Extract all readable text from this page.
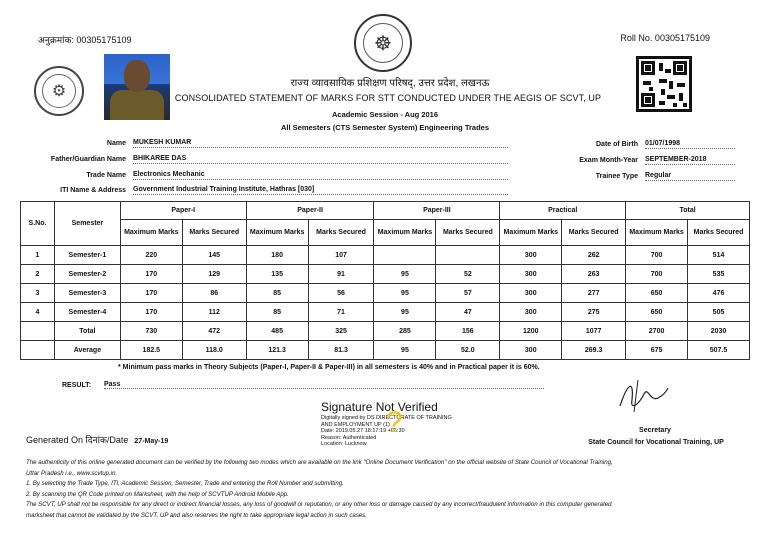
अनुक्रमांक: 00305175109	Roll No. 00305175109
☸
⚙	राज्य व्यावसायिक प्रशिक्षण परिषद्, उत्तर प्रदेश, लखनऊ
CONSOLIDATED STATEMENT OF MARKS FOR STT CONDUCTED UNDER THE AEGIS OF SCVT, UP
Academic Session - Aug 2016
All Semesters (CTS Semester System) Engineering Trades
Name MUKESH KUMAR
Father/Guardian Name BHIKAREE DAS
Trade Name Electronics Mechanic
ITI Name & Address Government Industrial Training Institute, Hathras [030]
Date of Birth 01/07/1998
Exam Month-Year SEPTEMBER-2018
Trainee Type Regular
S.No.	Semester	Paper-I		Paper-II		Paper-III		Practical		Total	
		Maximum Marks	Marks Secured	Maximum Marks	Marks Secured	Maximum Marks	Marks Secured	Maximum Marks	Marks Secured	Maximum Marks	Marks Secured
1	Semester-1	220	145	180	107			300	262	700	514
2	Semester-2	170	129	135	91	95	52	300	263	700	535
3	Semester-3	170	86	85	56	95	57	300	277	650	476
4	Semester-4	170	112	85	71	95	47	300	275	650	505
	Total	730	472	485	325	285	156	1200	1077	2700	2030
	Average	182.5	118.0	121.3	81.3	95	52.0	300	269.3	675	507.5
* Minimum pass marks in Theory Subjects (Paper-I, Paper-II & Paper-III) in all semesters is 40% and in Practical paper it is 60%.
RESULT: Pass
Signature Not Verified
Digitally signed by DS DIRECTORATE OF TRAINING
AND EMPLOYMENT UP (1)
Date: 2019.05.27 18:17:19 +05:30
Reason: Authenticated
Location: Lucknow
?
Generated On दिनांक/Date 27-May-19
Secretary
State Council for Vocational Training, UP
The authenticity of this online generated document can be verified by the following two modes which are available on the link "Online Document Verification" on the official website of State Council of Vocational Training,
Uttar Pradesh i.e., www.scvtup.in.
1. By selecting the Trade Type, ITI, Academic Session, Semester, Trade and entering the Roll Number and submitting.
2. By scanning the QR Code printed on Marksheet, with the help of SCVTUP Android Mobile App.
The SCVT, UP shall not be responsible for any direct or indirect financial losses, any loss of goodwill or reputation, or any other loss or damage caused by any incorrect/fraudulent information in this computer generated
marksheet that cannot be validated by the SCVT, UP and also reserves the right to take appropriate legal action in such cases.
